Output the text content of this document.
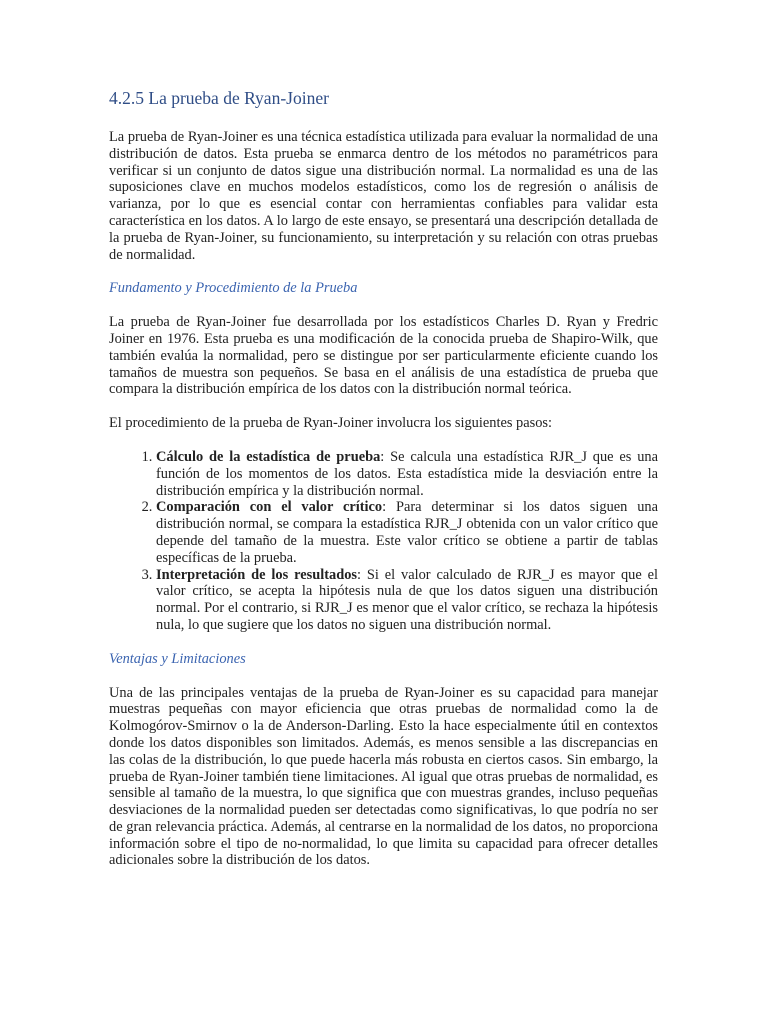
4.2.5 La prueba de Ryan-Joiner

La prueba de Ryan-Joiner es una técnica estadística utilizada para evaluar la normalidad de una distribución de datos. Esta prueba se enmarca dentro de los métodos no paramétricos para verificar si un conjunto de datos sigue una distribución normal. La normalidad es una de las suposiciones clave en muchos modelos estadísticos, como los de regresión o análisis de varianza, por lo que es esencial contar con herramientas confiables para validar esta característica en los datos. A lo largo de este ensayo, se presentará una descripción detallada de la prueba de Ryan-Joiner, su funcionamiento, su interpretación y su relación con otras pruebas de normalidad.

Fundamento y Procedimiento de la Prueba

La prueba de Ryan-Joiner fue desarrollada por los estadísticos Charles D. Ryan y Fredric Joiner en 1976. Esta prueba es una modificación de la conocida prueba de Shapiro-Wilk, que también evalúa la normalidad, pero se distingue por ser particularmente eficiente cuando los tamaños de muestra son pequeños. Se basa en el análisis de una estadística de prueba que compara la distribución empírica de los datos con la distribución normal teórica.

El procedimiento de la prueba de Ryan-Joiner involucra los siguientes pasos:

1. Cálculo de la estadística de prueba: Se calcula una estadística RJR_J que es una función de los momentos de los datos. Esta estadística mide la desviación entre la distribución empírica y la distribución normal.
2. Comparación con el valor crítico: Para determinar si los datos siguen una distribución normal, se compara la estadística RJR_J obtenida con un valor crítico que depende del tamaño de la muestra. Este valor crítico se obtiene a partir de tablas específicas de la prueba.
3. Interpretación de los resultados: Si el valor calculado de RJR_J es mayor que el valor crítico, se acepta la hipótesis nula de que los datos siguen una distribución normal. Por el contrario, si RJR_J es menor que el valor crítico, se rechaza la hipótesis nula, lo que sugiere que los datos no siguen una distribución normal.
Ventajas y Limitaciones

Una de las principales ventajas de la prueba de Ryan-Joiner es su capacidad para manejar muestras pequeñas con mayor eficiencia que otras pruebas de normalidad como la de Kolmogórov-Smirnov o la de Anderson-Darling. Esto la hace especialmente útil en contextos donde los datos disponibles son limitados. Además, es menos sensible a las discrepancias en las colas de la distribución, lo que puede hacerla más robusta en ciertos casos. Sin embargo, la prueba de Ryan-Joiner también tiene limitaciones. Al igual que otras pruebas de normalidad, es sensible al tamaño de la muestra, lo que significa que con muestras grandes, incluso pequeñas desviaciones de la normalidad pueden ser detectadas como significativas, lo que podría no ser de gran relevancia práctica. Además, al centrarse en la normalidad de los datos, no proporciona información sobre el tipo de no-normalidad, lo que limita su capacidad para ofrecer detalles adicionales sobre la distribución de los datos.
